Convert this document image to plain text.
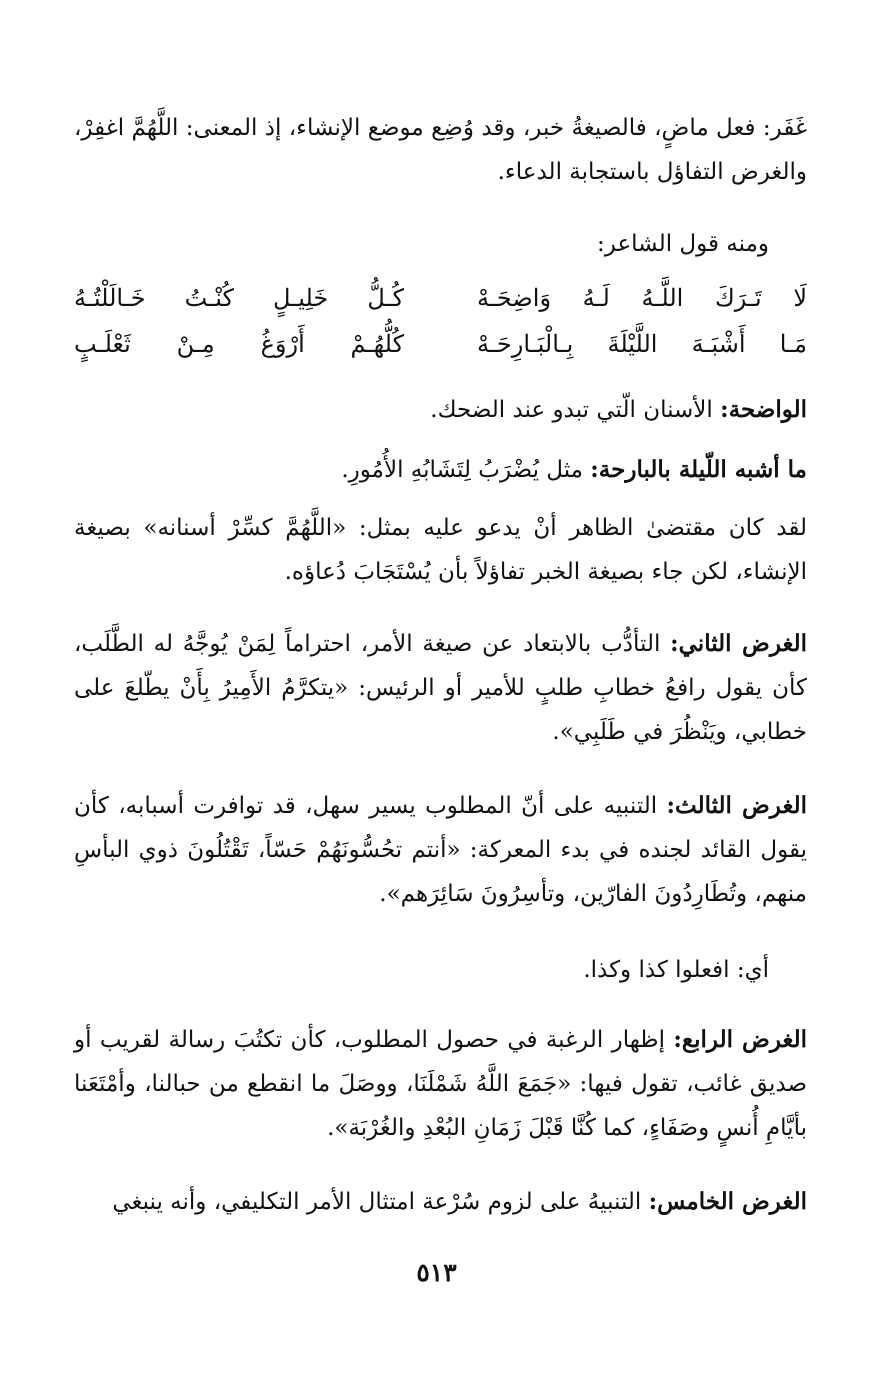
غَفَر: فعل ماضٍ، فالصيغةُ خبر، وقد وُضِع موضع الإنشاء، إذ المعنى: اللَّهُمَّ اغفِرْ، والغرض التفاؤل باستجابة الدعاء.

ومنه قول الشاعر:

لَا تَـرَكَ اللَّـهُ لَـهُ وَاضِحَـهْ
كُـلُّ خَلِيـلٍ كُنْـتُ خَـالَلْتُـهُ
مَـا أَشْبَـهَ اللَّيْلَةَ بِـالْبَـارِحَـهْ
كُلُّهُـمْ أَرْوَغُ مِـنْ ثَعْلَـبٍ

الواضحة: الأسنان الّتي تبدو عند الضحك.

ما أشبه اللّيلة بالبارحة: مثل يُضْرَبُ لِتَشَابُهِ الأُمُورِ.

لقد كان مقتضىٰ الظاهر أنْ يدعو عليه بمثل: «اللَّهُمَّ كسِّرْ أسنانه» بصيغة الإنشاء، لكن جاء بصيغة الخبر تفاؤلاً بأن يُسْتَجَابَ دُعاؤه.

الغرض الثاني: التأدُّب بالابتعاد عن صيغة الأمر، احتراماً لِمَنْ يُوجَّهُ له الطَّلَب، كأن يقول رافعُ خطابِ طلبٍ للأمير أو الرئيس: «يتكرَّمُ الأَمِيرُ بِأَنْ يطّلعَ على خطابي، ويَنْظُرَ في طَلَبِي».

الغرض الثالث: التنبيه على أنّ المطلوب يسير سهل، قد توافرت أسبابه، كأن يقول القائد لجنده في بدء المعركة: «أنتم تحُسُّونَهُمْ حَسّاً، تَقْتُلُونَ ذوي البأسِ منهم، وتُطَارِدُونَ الفارّين، وتأسِرُونَ سَائِرَهم».

أي: افعلوا كذا وكذا.

الغرض الرابع: إظهار الرغبة في حصول المطلوب، كأن تكتُبَ رسالة لقريب أو صديق غائب، تقول فيها: «جَمَعَ اللَّهُ شَمْلَنَا، ووصَلَ ما انقطع من حبالنا، وأمْتَعَنا بأيَّامِ أُنسٍ وصَفَاءٍ، كما كُنَّا قَبْلَ زَمَانِ البُعْدِ والغُرْبَة».

الغرض الخامس: التنبيهُ على لزوم سُرْعة امتثال الأمر التكليفي، وأنه ينبغي

٥١٣
